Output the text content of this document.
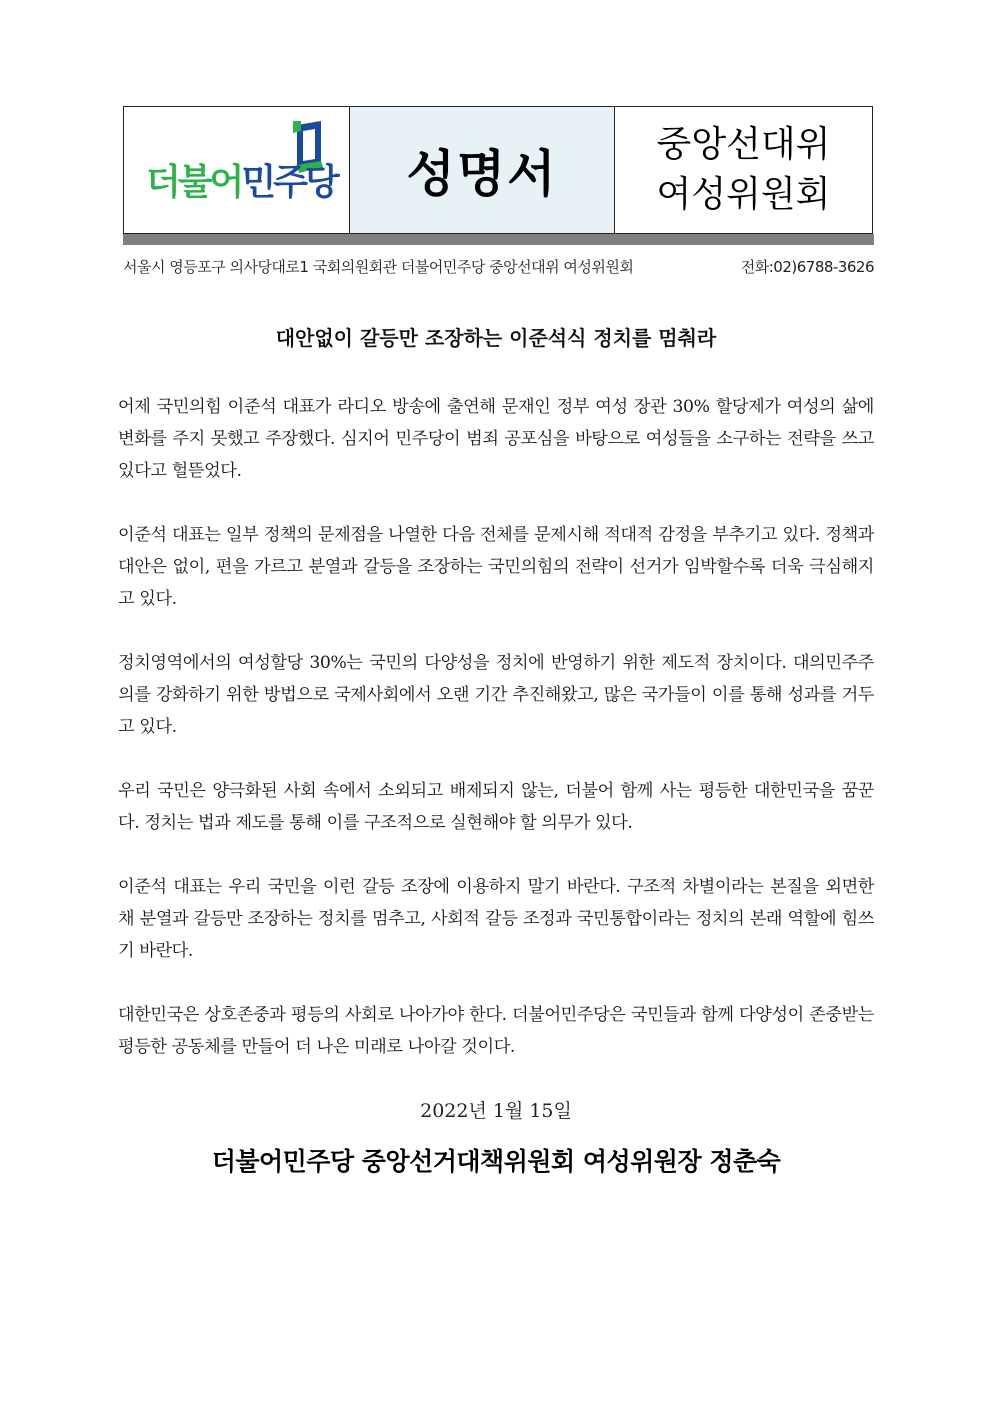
더불어민주당 성명서
중앙선대위
여성위원회
서울시 영등포구 의사당대로1 국회의원회관 더불어민주당 중앙선대위 여성위원회	전화:02)6788-3626
대안없이 갈등만 조장하는 이준석식 정치를 멈춰라

어제 국민의힘 이준석 대표가 라디오 방송에 출연해 문재인 정부 여성 장관 30% 할당제가 여성의 삶에 변화를 주지 못했고 주장했다. 심지어 민주당이 범죄 공포심을 바탕으로 여성들을 소구하는 전략을 쓰고 있다고 헐뜯었다.

이준석 대표는 일부 정책의 문제점을 나열한 다음 전체를 문제시해 적대적 감정을 부추기고 있다. 정책과 대안은 없이, 편을 가르고 분열과 갈등을 조장하는 국민의힘의 전략이 선거가 임박할수록 더욱 극심해지고 있다.

정치영역에서의 여성할당 30%는 국민의 다양성을 정치에 반영하기 위한 제도적 장치이다. 대의민주주의를 강화하기 위한 방법으로 국제사회에서 오랜 기간 추진해왔고, 많은 국가들이 이를 통해 성과를 거두고 있다.

우리 국민은 양극화된 사회 속에서 소외되고 배제되지 않는, 더불어 함께 사는 평등한 대한민국을 꿈꾼다. 정치는 법과 제도를 통해 이를 구조적으로 실현해야 할 의무가 있다.

이준석 대표는 우리 국민을 이런 갈등 조장에 이용하지 말기 바란다. 구조적 차별이라는 본질을 외면한 채 분열과 갈등만 조장하는 정치를 멈추고, 사회적 갈등 조정과 국민통합이라는 정치의 본래 역할에 힘쓰기 바란다.

대한민국은 상호존중과 평등의 사회로 나아가야 한다. 더불어민주당은 국민들과 함께 다양성이 존중받는 평등한 공동체를 만들어 더 나은 미래로 나아갈 것이다.

2022년 1월 15일
더불어민주당 중앙선거대책위원회 여성위원장 정춘숙
